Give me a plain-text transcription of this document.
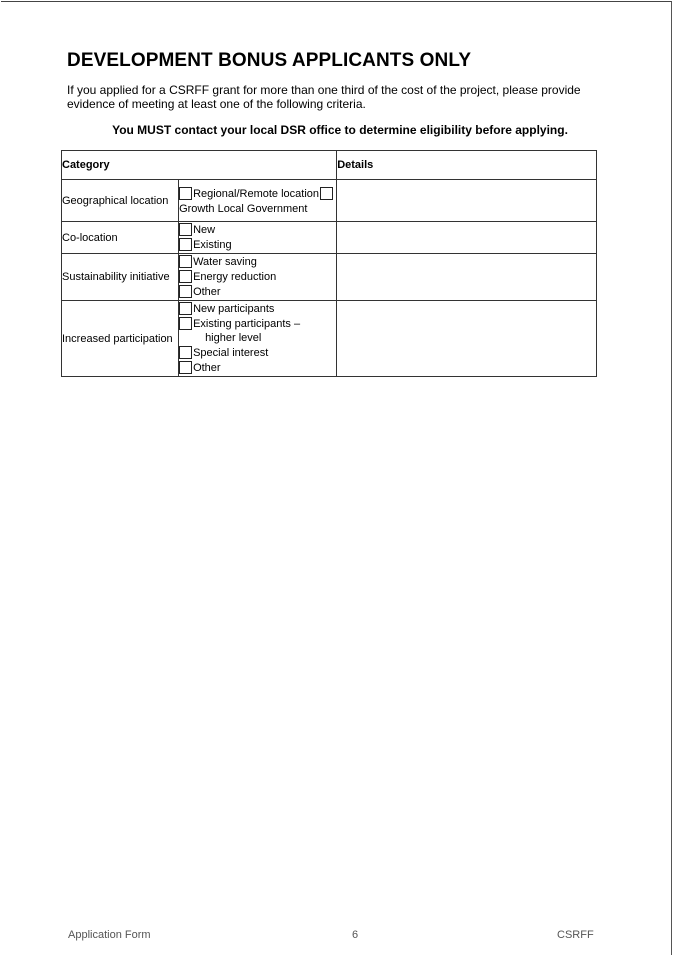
DEVELOPMENT BONUS APPLICANTS ONLY

If you applied for a CSRFF grant for more than one third of the cost of the project, please provide evidence of meeting at least one of the following criteria.

You MUST contact your local DSR office to determine eligibility before applying.

Category		Details
Geographical location	Regional/Remote location
Growth Local Government	

Co-location	New
Existing	

Sustainability initiative	Water saving
Energy reduction
Other	

Increased participation	New participants
Existing participants –
higher level
Special interest
Other	

Application Form	6	CSRFF
